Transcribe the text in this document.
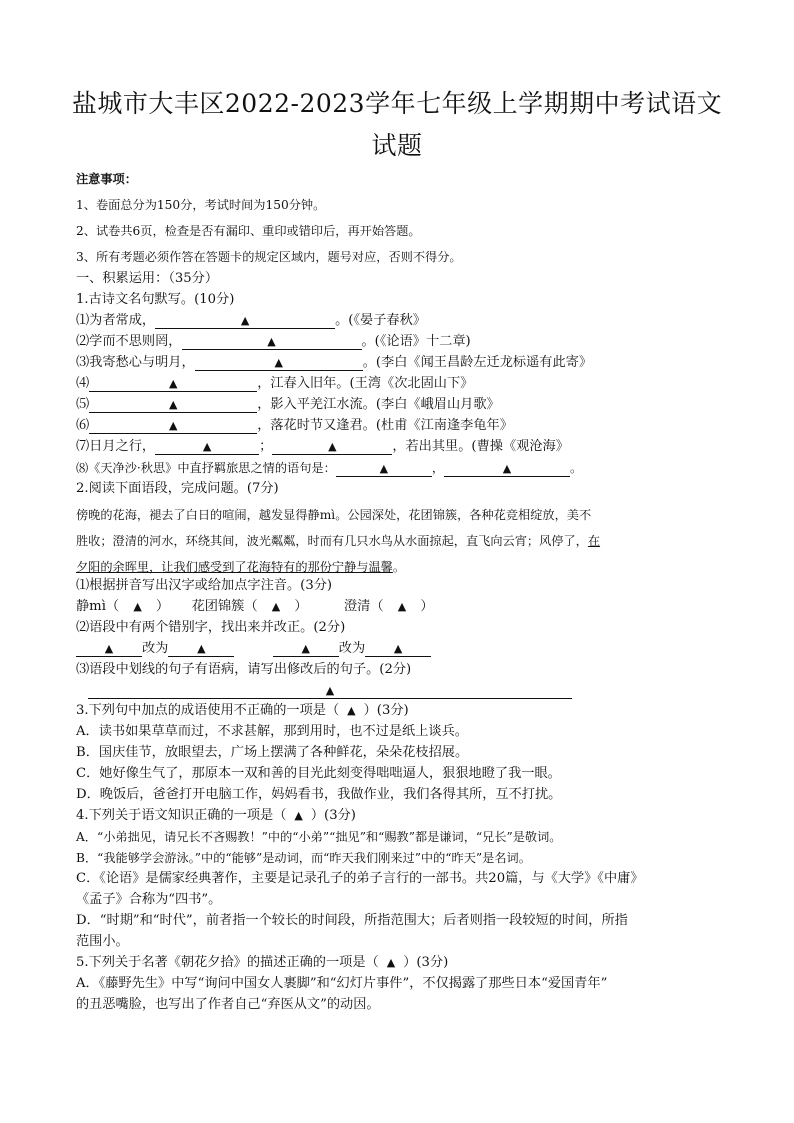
盐城市大丰区2022-2023学年七年级上学期期中考试语文
试题
注意事项：
1、卷面总分为150分，考试时间为150分钟。
2、试卷共6页，检查是否有漏印、重印或错印后，再开始答题。
3、所有考题必须作答在答题卡的规定区域内，题号对应，否则不得分。
一、积累运用：（35分）
1.古诗文名句默写。(10分)
⑴为者常成，	▲	。(《晏子春秋》
⑵学而不思则罔，	▲	。(《论语》十二章)
⑶我寄愁心与明月，	▲	。(李白《闻王昌龄左迁龙标遥有此寄》
⑷	▲	，江春入旧年。(王湾《次北固山下》
⑸	▲	，影入平羌江水流。(李白《峨眉山月歌》
⑹	▲	，落花时节又逢君。(杜甫《江南逢李龟年》
⑺日月之行，	▲	；	▲	，若出其里。(曹操《观沧海》
⑻《天净沙·秋思》中直抒羁旅思之情的语句是：	▲	，	▲	。
2.阅读下面语段，完成问题。(7分)
傍晚的花海，褪去了白日的喧闹，越发显得静mì。公园深处，花团锦簇，各种花竞相绽放，美不
胜收；澄清的河水，环绕其间，波光粼粼，时而有几只水鸟从水面掠起，直飞向云宵；风停了，在
夕阳的余晖里，让我们感受到了花海特有的那份宁静与温馨。
⑴根据拼音写出汉字或给加点字注音。(3分)
静mì（ ▲ ） 花团锦簇（ ▲ ）	澄清（ ▲ ）
⑵语段中有两个错别字，找出来并改正。(2分)
▲ 改为	▲	▲ 改为	▲
⑶语段中划线的句子有语病，请写出修改后的句子。(2分)
▲
3.下列句中加点的成语使用不正确的一项是（ ▲ ）(3分)
A．读书如果草草而过，不求甚解，那到用时，也不过是纸上谈兵。
B．国庆佳节，放眼望去，广场上摆满了各种鲜花，朵朵花枝招展。
C．她好像生气了，那原本一双和善的目光此刻变得咄咄逼人，狠狠地瞪了我一眼。
D．晚饭后，爸爸打开电脑工作，妈妈看书，我做作业，我们各得其所，互不打扰。
4.下列关于语文知识正确的一项是（ ▲ ）(3分)
A．“小弟拙见，请兄长不吝赐教！”中的“小弟”“拙见”和“赐教”都是谦词，“兄长”是敬词。
B．“我能够学会游泳。”中的“能够”是动词，而“昨天我们刚来过”中的“昨天”是名词。
C．《论语》是儒家经典著作，主要是记录孔子的弟子言行的一部书。共20篇，与《大学》《中庸》
《孟子》合称为“四书”。
D．“时期”和“时代”，前者指一个较长的时间段，所指范围大；后者则指一段较短的时间，所指
范围小。
5.下列关于名著《朝花夕拾》的描述正确的一项是（ ▲ ）(3分)
A．《藤野先生》中写“询问中国女人裹脚”和“幻灯片事件”，不仅揭露了那些日本“爱国青年”
的丑恶嘴脸，也写出了作者自己“弃医从文”的动因。
